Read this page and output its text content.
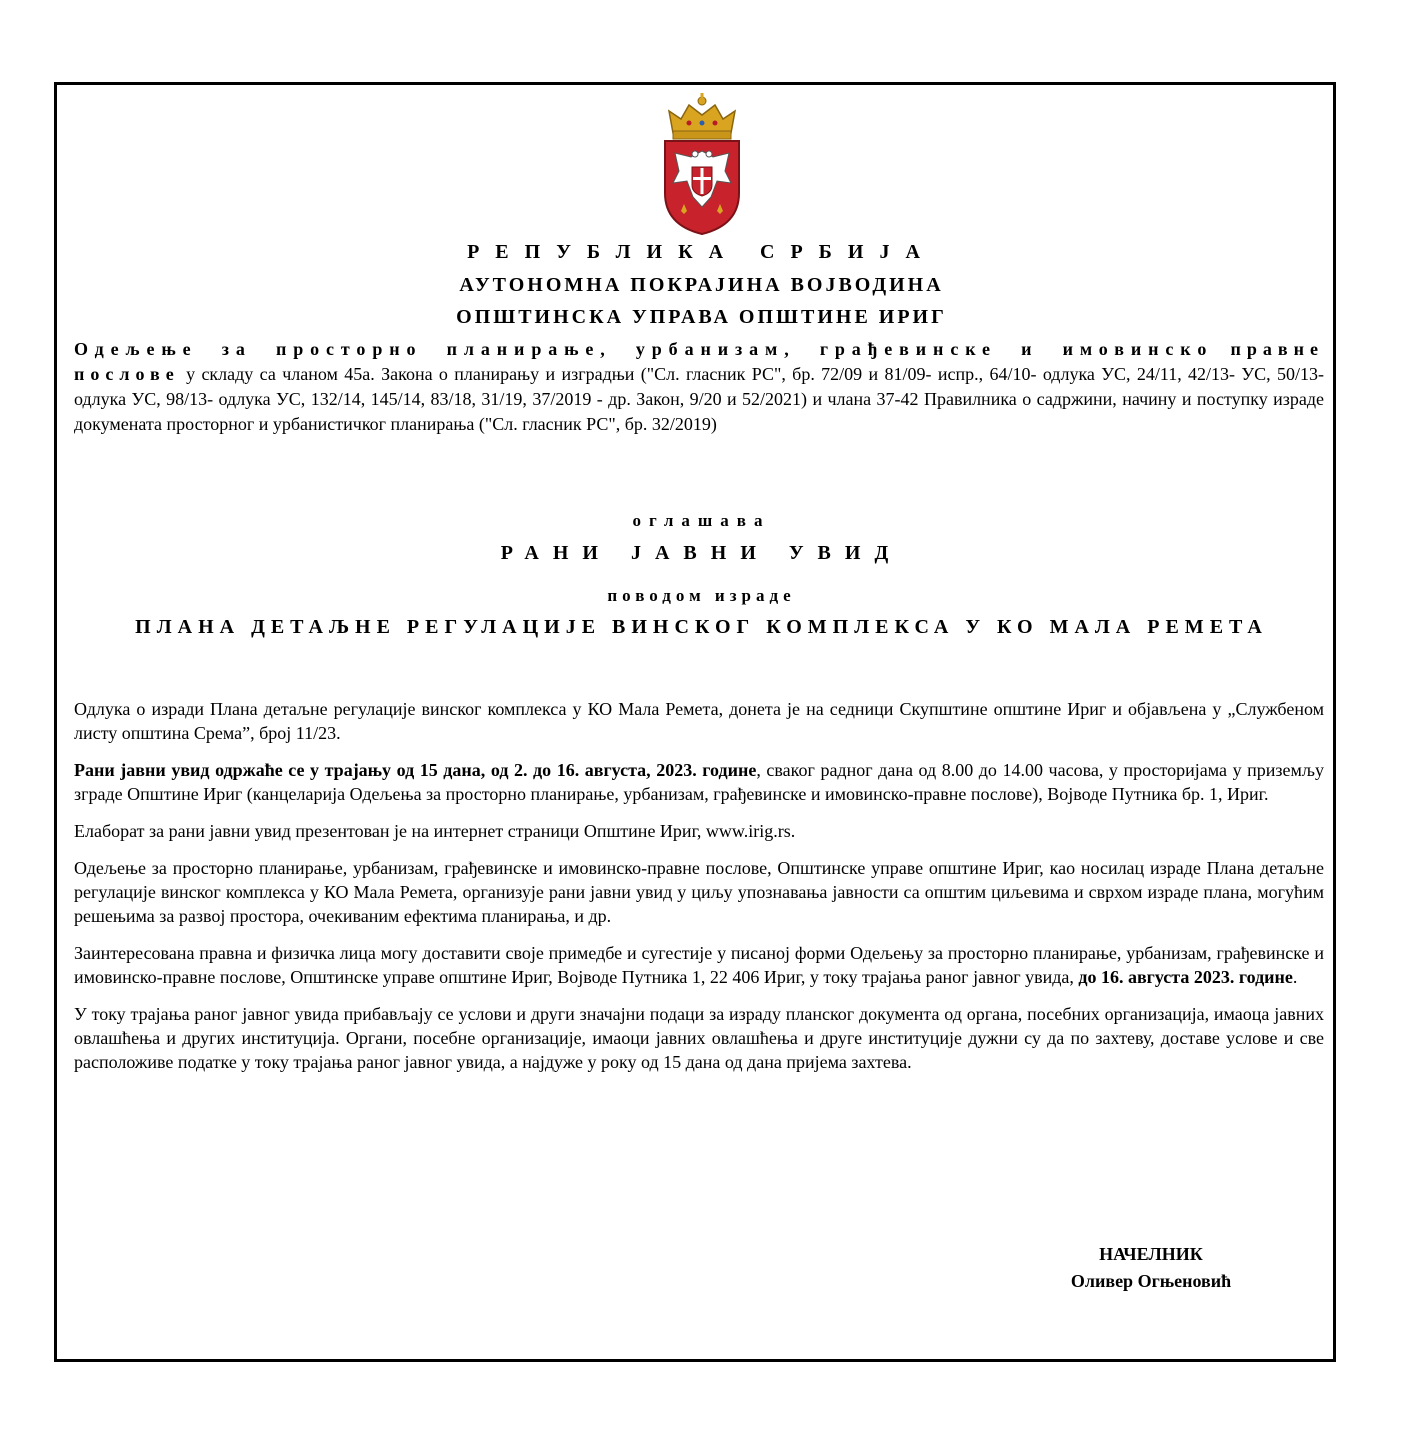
РЕПУБЛИКА СРБИЈА
АУТОНОМНА ПОКРАЈИНА ВОЈВОДИНА
ОПШТИНСКА УПРАВА ОПШТИНЕ ИРИГ
Одељење за просторно планирање, урбанизам, грађевинске и имовинско правне послове у складу са чланом 45а. Закона о планирању и изградњи ("Сл. гласник РС", бр. 72/09 и 81/09- испр., 64/10- одлука УС, 24/11, 42/13- УС, 50/13- одлука УС, 98/13- одлука УС, 132/14, 145/14, 83/18, 31/19, 37/2019 - др. Закон, 9/20 и 52/2021) и члана 37-42 Правилника о садржини, начину и поступку израде докумената просторног и урбанистичког планирања ("Сл. гласник РС", бр. 32/2019)
оглашава
РАНИ ЈАВНИ УВИД
поводом израде
ПЛАНА ДЕТАЉНЕ РЕГУЛАЦИЈЕ ВИНСКОГ КОМПЛЕКСА У КО МАЛА РЕМЕТА

Одлука о изради Плана детаљне регулације винског комплекса у КО Мала Ремета, донета је на седници Скупштине општине Ириг и објављена у „Службеном листу општина Срема”, број 11/23.

Рани јавни увид одржаће се у трајању од 15 дана, од 2. до 16. августа, 2023. године, сваког радног дана од 8.00 до 14.00 часова, у просторијама у приземљу зграде Општине Ириг (канцеларија Одељења за просторно планирање, урбанизам, грађевинске и имовинско-правне послове), Војводе Путника бр. 1, Ириг.

Елаборат за рани јавни увид презентован је на интернет страници Општине Ириг, www.irig.rs.

Одељење за просторно планирање, урбанизам, грађевинске и имовинско-правне послове, Општинске управе општине Ириг, као носилац израде Плана детаљне регулације винског комплекса у КО Мала Ремета, организује рани јавни увид у циљу упознавања јавности са општим циљевима и сврхом израде плана, могућим решењима за развој простора, очекиваним ефектима планирања, и др.

Заинтересована правна и физичка лица могу доставити своје примедбе и сугестије у писаној форми Одељењу за просторно планирање, урбанизам, грађевинске и имовинско-правне послове, Општинске управе општине Ириг, Војводе Путника 1, 22 406 Ириг, у току трајања раног јавног увида, до 16. августа 2023. године.

У току трајања раног јавног увида прибављају се услови и други значајни подаци за израду планског документа од органа, посебних организација, имаоца јавних овлашћења и других институција. Органи, посебне организације, имаоци јавних овлашћења и друге институције дужни су да по захтеву, доставе услове и све расположиве податке у току трајања раног јавног увида, а најдуже у року од 15 дана од дана пријема захтева.

НАЧЕЛНИК
Оливер Огњеновић
